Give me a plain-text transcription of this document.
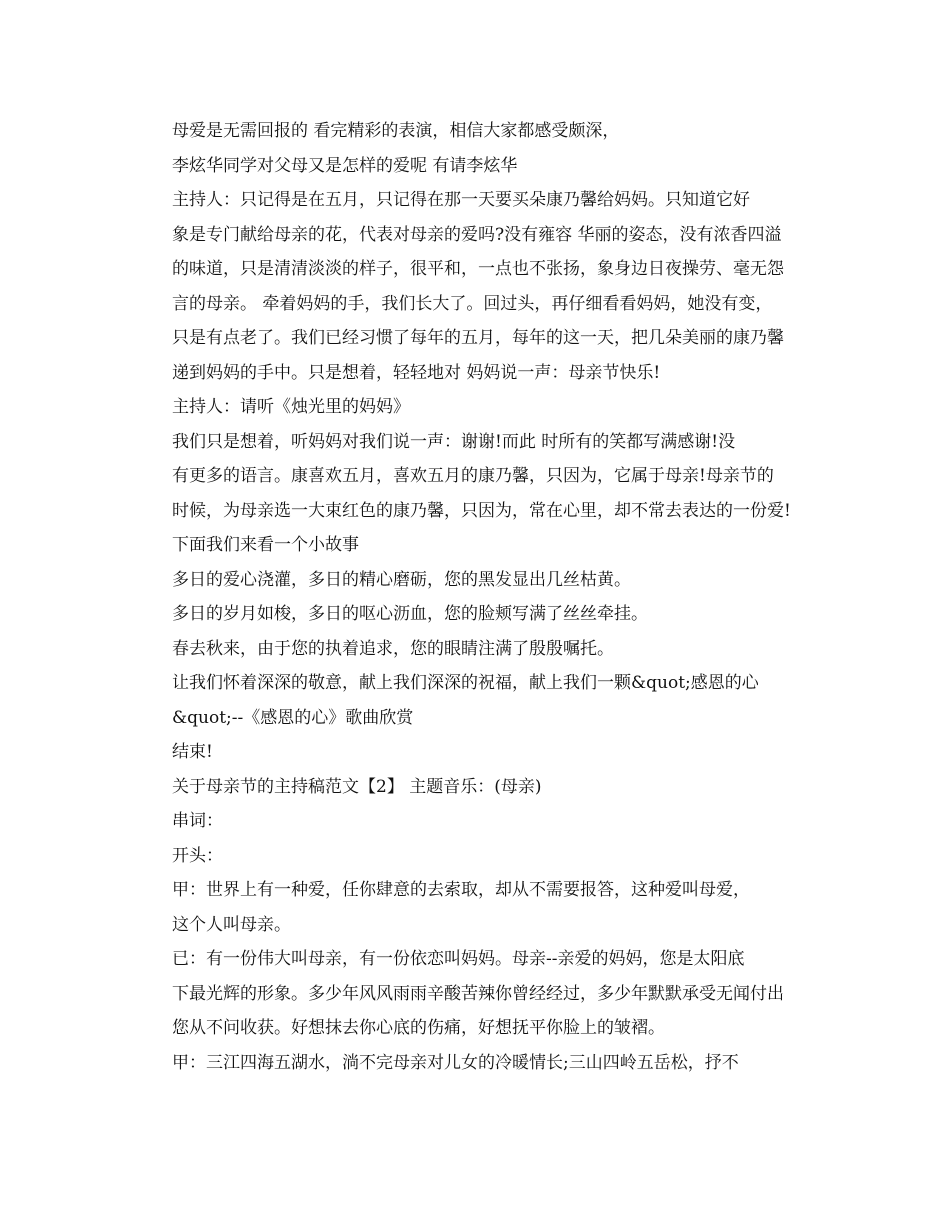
母爱是无需回报的 看完精彩的表演，相信大家都感受颇深，

李炫华同学对父母又是怎样的爱呢 有请李炫华

主持人：只记得是在五月，只记得在那一天要买朵康乃馨给妈妈。只知道它好
象是专门献给母亲的花，代表对母亲的爱吗?没有雍容 华丽的姿态，没有浓香四溢
的味道，只是清清淡淡的样子，很平和，一点也不张扬，象身边日夜操劳、毫无怨
言的母亲。 牵着妈妈的手，我们长大了。回过头，再仔细看看妈妈，她没有变，
只是有点老了。我们已经习惯了每年的五月，每年的这一天，把几朵美丽的康乃馨
递到妈妈的手中。只是想着，轻轻地对 妈妈说一声：母亲节快乐!

主持人：请听《烛光里的妈妈》

我们只是想着，听妈妈对我们说一声：谢谢!而此 时所有的笑都写满感谢!没
有更多的语言。康喜欢五月，喜欢五月的康乃馨，只因为，它属于母亲!母亲节的
时候，为母亲选一大束红色的康乃馨，只因为，常在心里，却不常去表达的一份爱!

下面我们来看一个小故事

多日的爱心浇灌，多日的精心磨砺，您的黑发显出几丝枯黄。

多日的岁月如梭，多日的呕心沥血，您的脸颊写满了丝丝牵挂。

春去秋来，由于您的执着追求，您的眼睛注满了殷殷嘱托。

让我们怀着深深的敬意，献上我们深深的祝福，献上我们一颗&quot;感恩的心
&quot;--《感恩的心》歌曲欣赏

结束!

关于母亲节的主持稿范文【2】 主题音乐：(母亲)

串词：

开头：

甲：世界上有一种爱，任你肆意的去索取，却从不需要报答，这种爱叫母爱，
这个人叫母亲。

已：有一份伟大叫母亲，有一份依恋叫妈妈。母亲--亲爱的妈妈，您是太阳底
下最光辉的形象。多少年风风雨雨辛酸苦辣你曾经经过，多少年默默承受无闻付出
您从不问收获。好想抹去你心底的伤痛，好想抚平你脸上的皱褶。

甲：三江四海五湖水，淌不完母亲对儿女的冷暖情长;三山四岭五岳松，抒不
